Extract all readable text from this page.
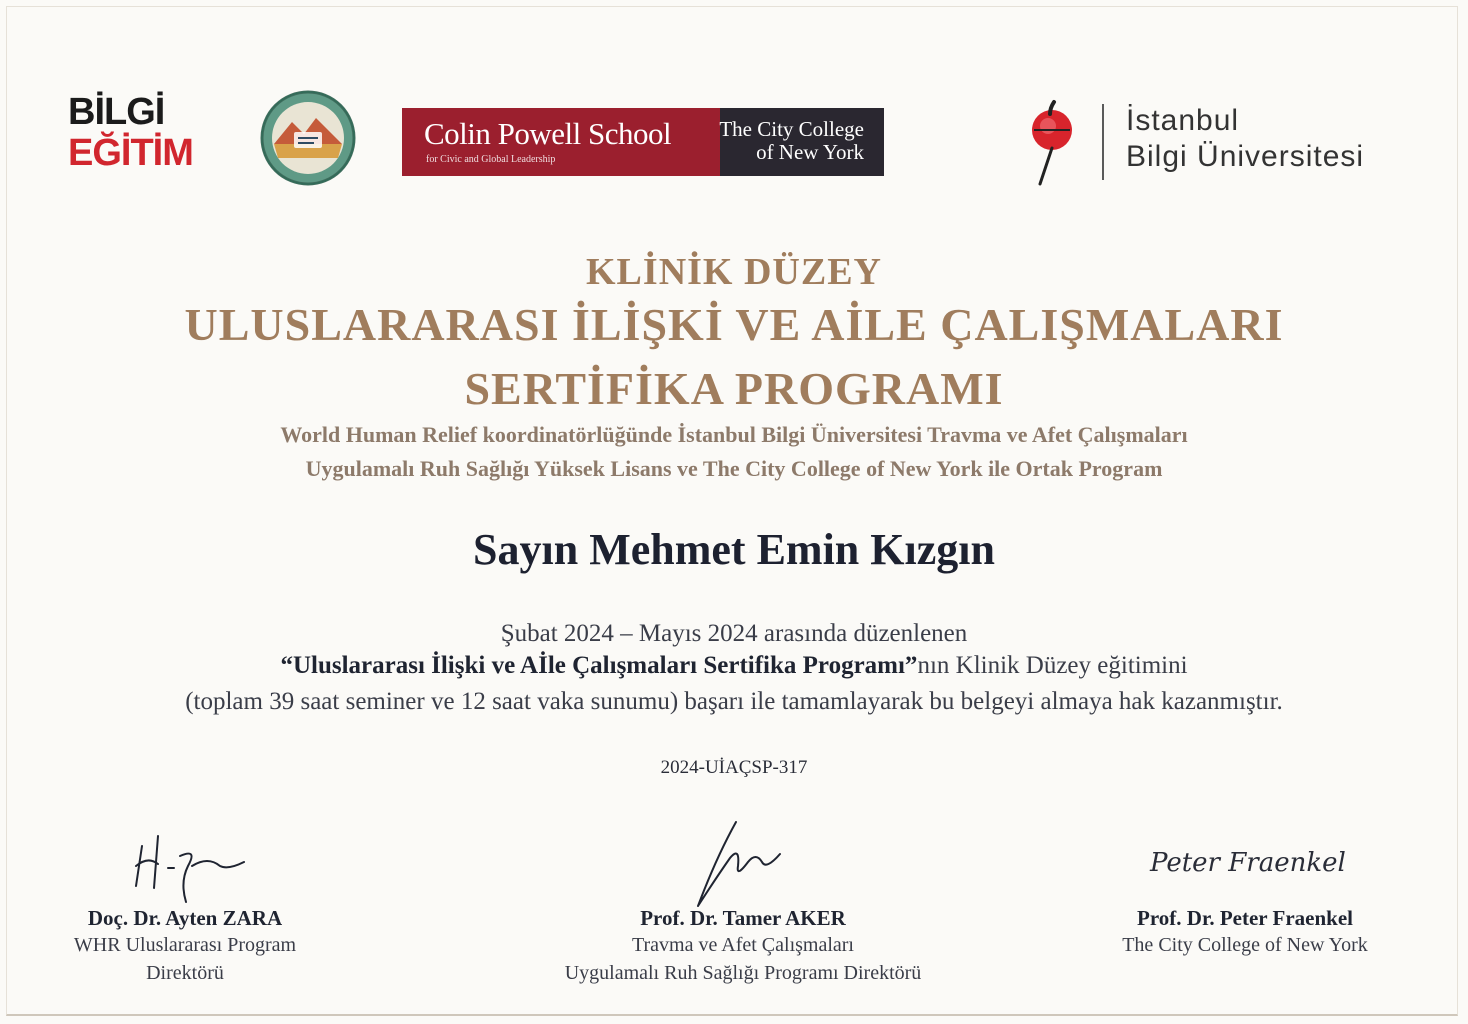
BİLGİ
EĞİTİM	Colin Powell School
for Civic and Global Leadership
The City College of New York
İstanbul
Bilgi Üniversitesi
KLİNİK DÜZEY
ULUSLARARASI İLİŞKİ VE AİLE ÇALIŞMALARI
SERTİFİKA PROGRAMI
World Human Relief koordinatörlüğünde İstanbul Bilgi Üniversitesi Travma ve Afet Çalışmaları
Uygulamalı Ruh Sağlığı Yüksek Lisans ve The City College of New York ile Ortak Program
Sayın Mehmet Emin Kızgın
Şubat 2024 – Mayıs 2024 arasında düzenlenen
“Uluslararası İlişki ve Aİle Çalışmaları Sertifika Programı”nın Klinik Düzey eğitimini
(toplam 39 saat seminer ve 12 saat vaka sunumu) başarı ile tamamlayarak bu belgeyi almaya hak kazanmıştır.
2024-UİAÇSP-317
Peter Fraenkel
Doç. Dr. Ayten ZARA
WHR Uluslararası Program
Direktörü
Prof. Dr. Tamer AKER
Travma ve Afet Çalışmaları
Uygulamalı Ruh Sağlığı Programı Direktörü
Prof. Dr. Peter Fraenkel
The City College of New York
